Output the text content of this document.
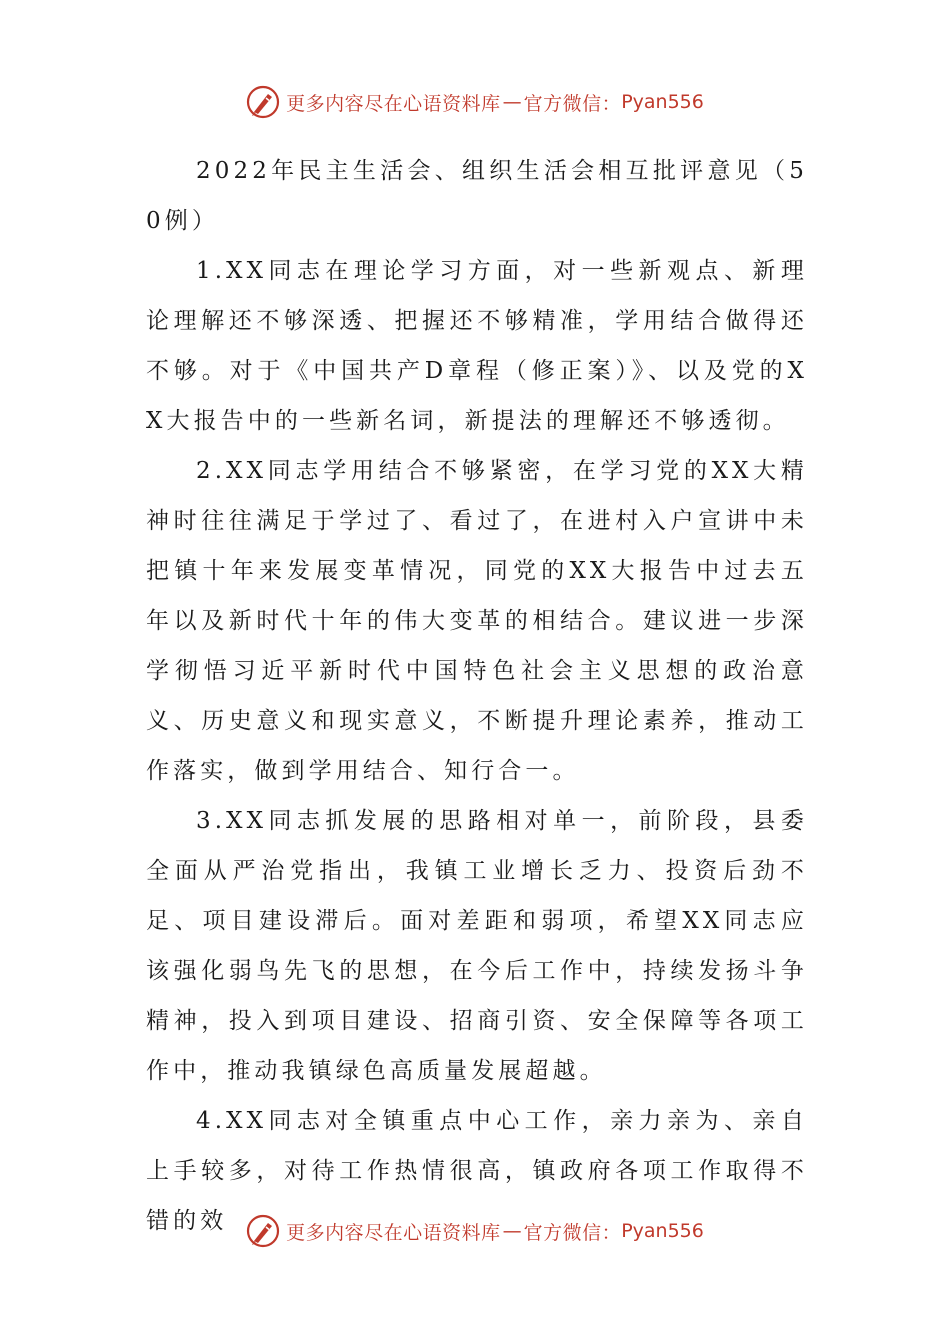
更多内容尽在心语资料库 — 官方微信： Pyan556

2022年民主生活会、组织生活会相互批评意见（50例）

1.XX同志在理论学习方面，对一些新观点、新理论理解还不够深透、把握还不够精准，学用结合做得还不够。对于《中国共产D章程（修正案）》、以及党的XX大报告中的一些新名词，新提法的理解还不够透彻。

2.XX同志学用结合不够紧密，在学习党的XX大精神时往往满足于学过了、看过了，在进村入户宣讲中未把镇十年来发展变革情况，同党的XX大报告中过去五年以及新时代十年的伟大变革的相结合。建议进一步深学彻悟习近平新时代中国特色社会主义思想的政治意义、历史意义和现实意义，不断提升理论素养，推动工作落实，做到学用结合、知行合一。

3.XX同志抓发展的思路相对单一，前阶段，县委全面从严治党指出，我镇工业增长乏力、投资后劲不足、项目建设滞后。面对差距和弱项，希望XX同志应该强化弱鸟先飞的思想，在今后工作中，持续发扬斗争精神，投入到项目建设、招商引资、安全保障等各项工作中，推动我镇绿色高质量发展超越。

4.XX同志对全镇重点中心工作，亲力亲为、亲自上手较多，对待工作热情很高，镇政府各项工作取得不错的效	更多内容尽在心语资料库 — 官方微信： Pyan556
